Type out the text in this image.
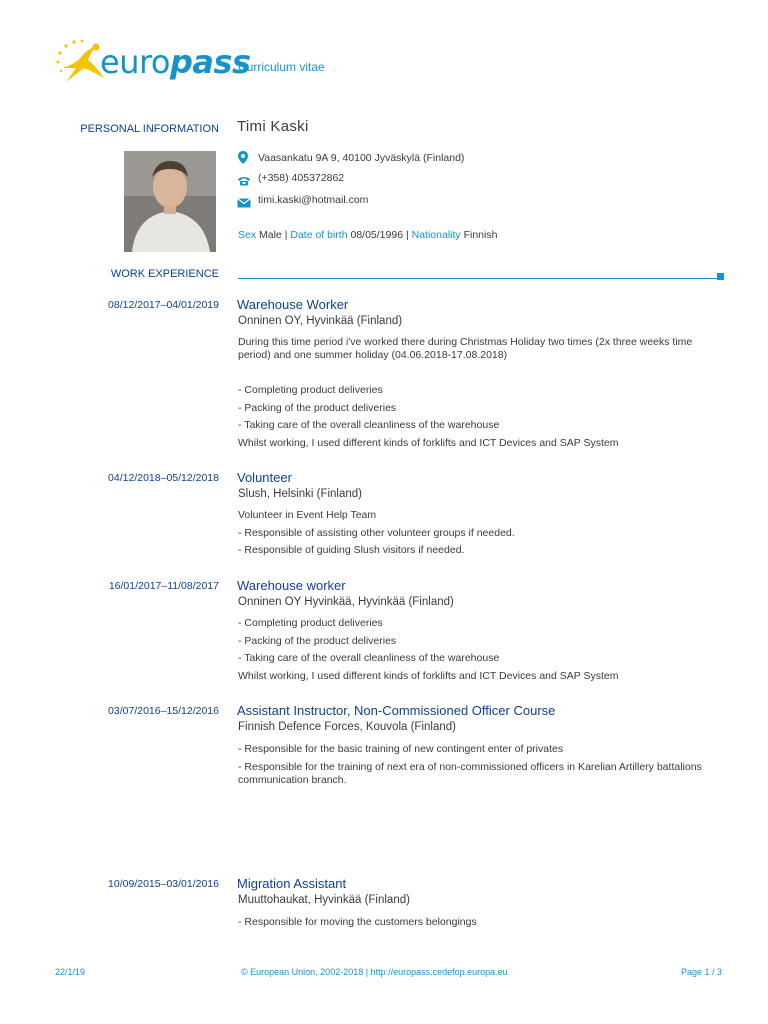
europass
Curriculum vitae
PERSONAL INFORMATION Timi Kaski
Vaasankatu 9A 9, 40100 Jyväskylä (Finland)
(+358) 405372862
timi.kaski@hotmail.com
Sex Male | Date of birth 08/05/1996 | Nationality Finnish
WORK EXPERIENCE
08/12/2017–04/01/2019 Warehouse Worker
Onninen OY, Hyvinkää (Finland)
During this time period i've worked there during Christmas Holiday two times (2x three weeks time
period) and one summer holiday (04.06.2018-17.08.2018)
- Completing product deliveries
- Packing of the product deliveries
- Taking care of the overall cleanliness of the warehouse
Whilst working, I used different kinds of forklifts and ICT Devices and SAP System
04/12/2018–05/12/2018 Volunteer
Slush, Helsinki (Finland)
Volunteer in Event Help Team
- Responsible of assisting other volunteer groups if needed.
- Responsible of guiding Slush visitors if needed.
16/01/2017–11/08/2017 Warehouse worker
Onninen OY Hyvinkää, Hyvinkää (Finland)
- Completing product deliveries
- Packing of the product deliveries
- Taking care of the overall cleanliness of the warehouse
Whilst working, I used different kinds of forklifts and ICT Devices and SAP System
03/07/2016–15/12/2016 Assistant Instructor, Non-Commissioned Officer Course
Finnish Defence Forces, Kouvola (Finland)
- Responsible for the basic training of new contingent enter of privates
- Responsible for the training of next era of non-commissioned officers in Karelian Artillery battalions
communication branch.
10/09/2015–03/01/2016 Migration Assistant
Muuttohaukat, Hyvinkää (Finland)
- Responsible for moving the customers belongings
22/1/19	© European Union, 2002-2018 | http://europass.cedefop.europa.eu	Page 1 / 3
